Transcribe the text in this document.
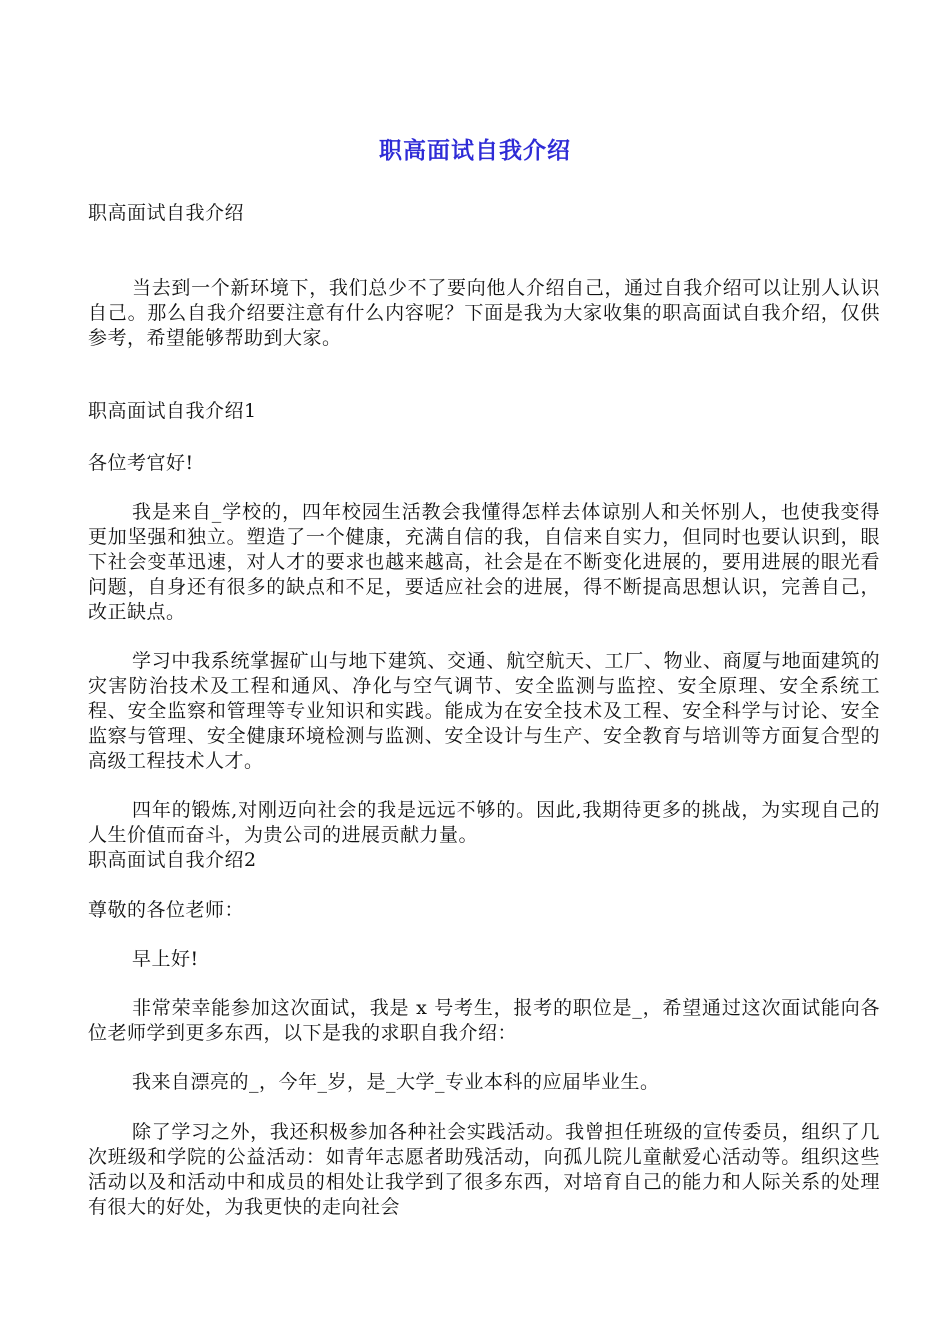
职高面试自我介绍

职高面试自我介绍

当去到一个新环境下，我们总少不了要向他人介绍自己，通过自我介绍可以让别人认识自己。那么自我介绍要注意有什么内容呢？下面是我为大家收集的职高面试自我介绍，仅供参考，希望能够帮助到大家。

职高面试自我介绍1

各位考官好!

我是来自_学校的，四年校园生活教会我懂得怎样去体谅别人和关怀别人，也使我变得更加坚强和独立。塑造了一个健康，充满自信的我，自信来自实力，但同时也要认识到，眼下社会变革迅速，对人才的要求也越来越高，社会是在不断变化进展的，要用进展的眼光看问题，自身还有很多的缺点和不足，要适应社会的进展，得不断提高思想认识，完善自己，改正缺点。

学习中我系统掌握矿山与地下建筑、交通、航空航天、工厂、物业、商厦与地面建筑的灾害防治技术及工程和通风、净化与空气调节、安全监测与监控、安全原理、安全系统工程、安全监察和管理等专业知识和实践。能成为在安全技术及工程、安全科学与讨论、安全监察与管理、安全健康环境检测与监测、安全设计与生产、安全教育与培训等方面复合型的高级工程技术人才。

四年的锻炼,对刚迈向社会的我是远远不够的。因此,我期待更多的挑战，为实现自己的人生价值而奋斗，为贵公司的进展贡献力量。

职高面试自我介绍2

尊敬的各位老师：

早上好!

非常荣幸能参加这次面试，我是 x 号考生，报考的职位是_，希望通过这次面试能向各位老师学到更多东西，以下是我的求职自我介绍：

我来自漂亮的_，今年_岁，是_大学_专业本科的应届毕业生。

除了学习之外，我还积极参加各种社会实践活动。我曾担任班级的宣传委员，组织了几次班级和学院的公益活动：如青年志愿者助残活动，向孤儿院儿童献爱心活动等。组织这些活动以及和活动中和成员的相处让我学到了很多东西，对培育自己的能力和人际关系的处理有很大的好处，为我更快的走向社会
